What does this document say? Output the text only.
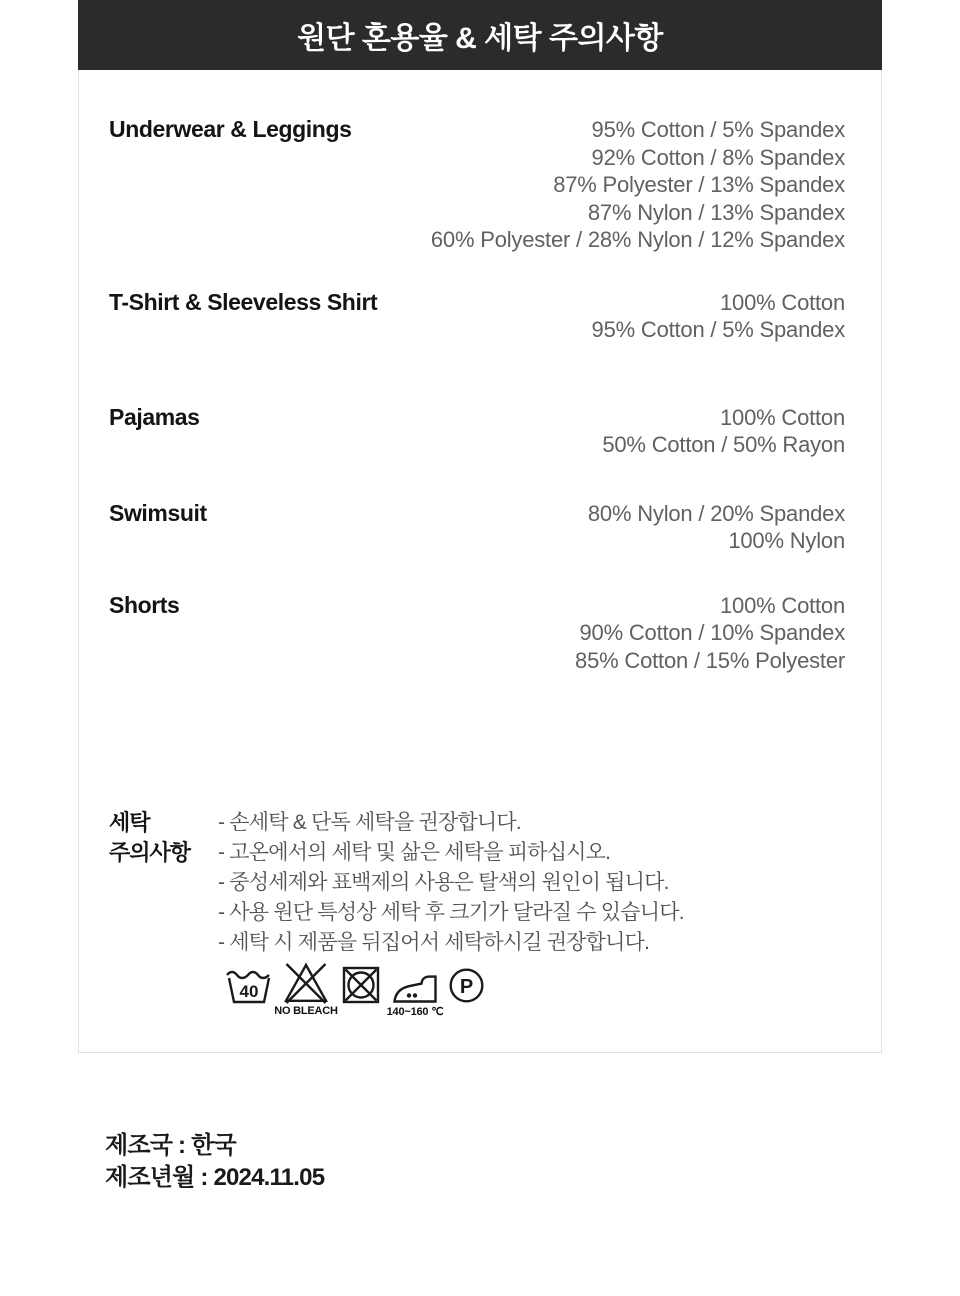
원단 혼용율 & 세탁 주의사항
Underwear & Leggings	95% Cotton / 5% Spandex
92% Cotton / 8% Spandex
87% Polyester / 13% Spandex
87% Nylon / 13% Spandex
60% Polyester / 28% Nylon / 12% Spandex
T-Shirt & Sleeveless Shirt	100% Cotton
95% Cotton / 5% Spandex
Pajamas	100% Cotton
50% Cotton / 50% Rayon
Swimsuit	80% Nylon / 20% Spandex
100% Nylon
Shorts	100% Cotton
90% Cotton / 10% Spandex
85% Cotton / 15% Polyester
세탁
주의사항
- 손세탁 & 단독 세탁을 권장합니다.
- 고온에서의 세탁 및 삶은 세탁을 피하십시오.
- 중성세제와 표백제의 사용은 탈색의 원인이 됩니다.
- 사용 원단 특성상 세탁 후 크기가 달라질 수 있습니다.
- 세탁 시 제품을 뒤집어서 세탁하시길 권장합니다.
40
NO BLEACH	140~160 ℃
P
제조국 : 한국
제조년월 : 2024.11.05
